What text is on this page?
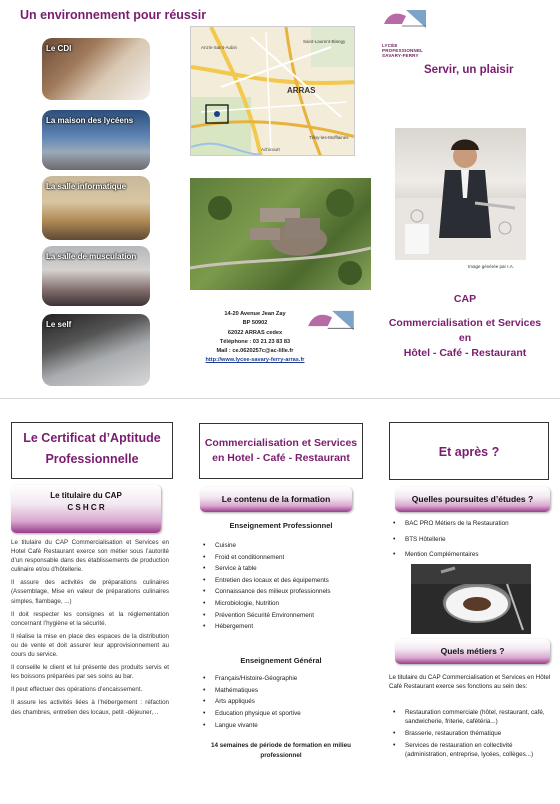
Un environnement pour réussir
Le CDI
La maison des lycéens
La salle informatique
La salle de musculation
Le self
ARRAS
Anzin-Saint-Aubin
Saint-Laurent-Blangy
Tilloy-les-Mofflaines
Achicourt
LYCÉE PROFESSIONNEL
SAVARY-FERRY
Servir, un plaisir
Image générée par I.A.
CAP
Commercialisation et Services
en
Hôtel - Café - Restaurant
14-20 Avenue Jean Zay
BP 50902
62022 ARRAS cedex
Téléphone : 03 21 23 83 83
Mail : ce.0620257c@ac-lille.fr
http://www.lycee-savary-ferry-arras.fr
Le Certificat d’Aptitude Professionnelle
Le titulaire du CAP
C S H C R

Le titulaire du CAP Commercialisation et Services en Hotel Café Restaurant exerce son métier sous l’autorité d’un responsable dans des établissements de production culinaire et/ou d’hôtellerie.

Il assure des activités de préparations culinaires (Assemblage, Mise en valeur de préparations culinaires simples, flambage, ...)

Il doit respecter les consignes et la réglementation concernant l’hygiène et la sécurité.

Il réalise la mise en place des espaces de la distribution ou de vente et doit assurer leur approvisionnement au cours du service.

Il conseille le client et lui présente des produits servis et les boissons préparées par ses soins au bar.

Il peut effectuer des opérations d’encaissement.

Il assure les activités liées à l’hébergement : réfaction des chambres, entretien des locaux, petit -déjeuner, ..

Commercialisation et Services en Hotel - Café - Restaurant
Le contenu de la formation
Enseignement Professionnel
• Cuisine
• Froid et conditionnement
• Service à table
• Entretien des locaux et des équipements
• Connaissance des milieux professionnels
• Microbiologie, Nutrition
• Prévention Sécurité Environnement
• Hébergement
Enseignement Général
• Français/Histoire-Géographie
• Mathématiques
• Arts appliqués
• Education physique et sportive
• Langue vivante
14 semaines de période de formation en milieu professionnel
Et après ?
Quelles poursuites d’études ?
• BAC PRO Métiers de la Restauration
• BTS Hôtellerie
• Mention Complémentaires
Quels métiers ?
Le titulaire du CAP Commercialisation et Services en Hôtel Café Restaurant exerce ses fonctions au sein des:
• Restauration commerciale (hôtel, restaurant, café, sandwicherie, friterie, cafétéria...)
• Brasserie, restauration thématique
• Services de restauration en collectivité (administration, entreprise, lycées, collèges...)
